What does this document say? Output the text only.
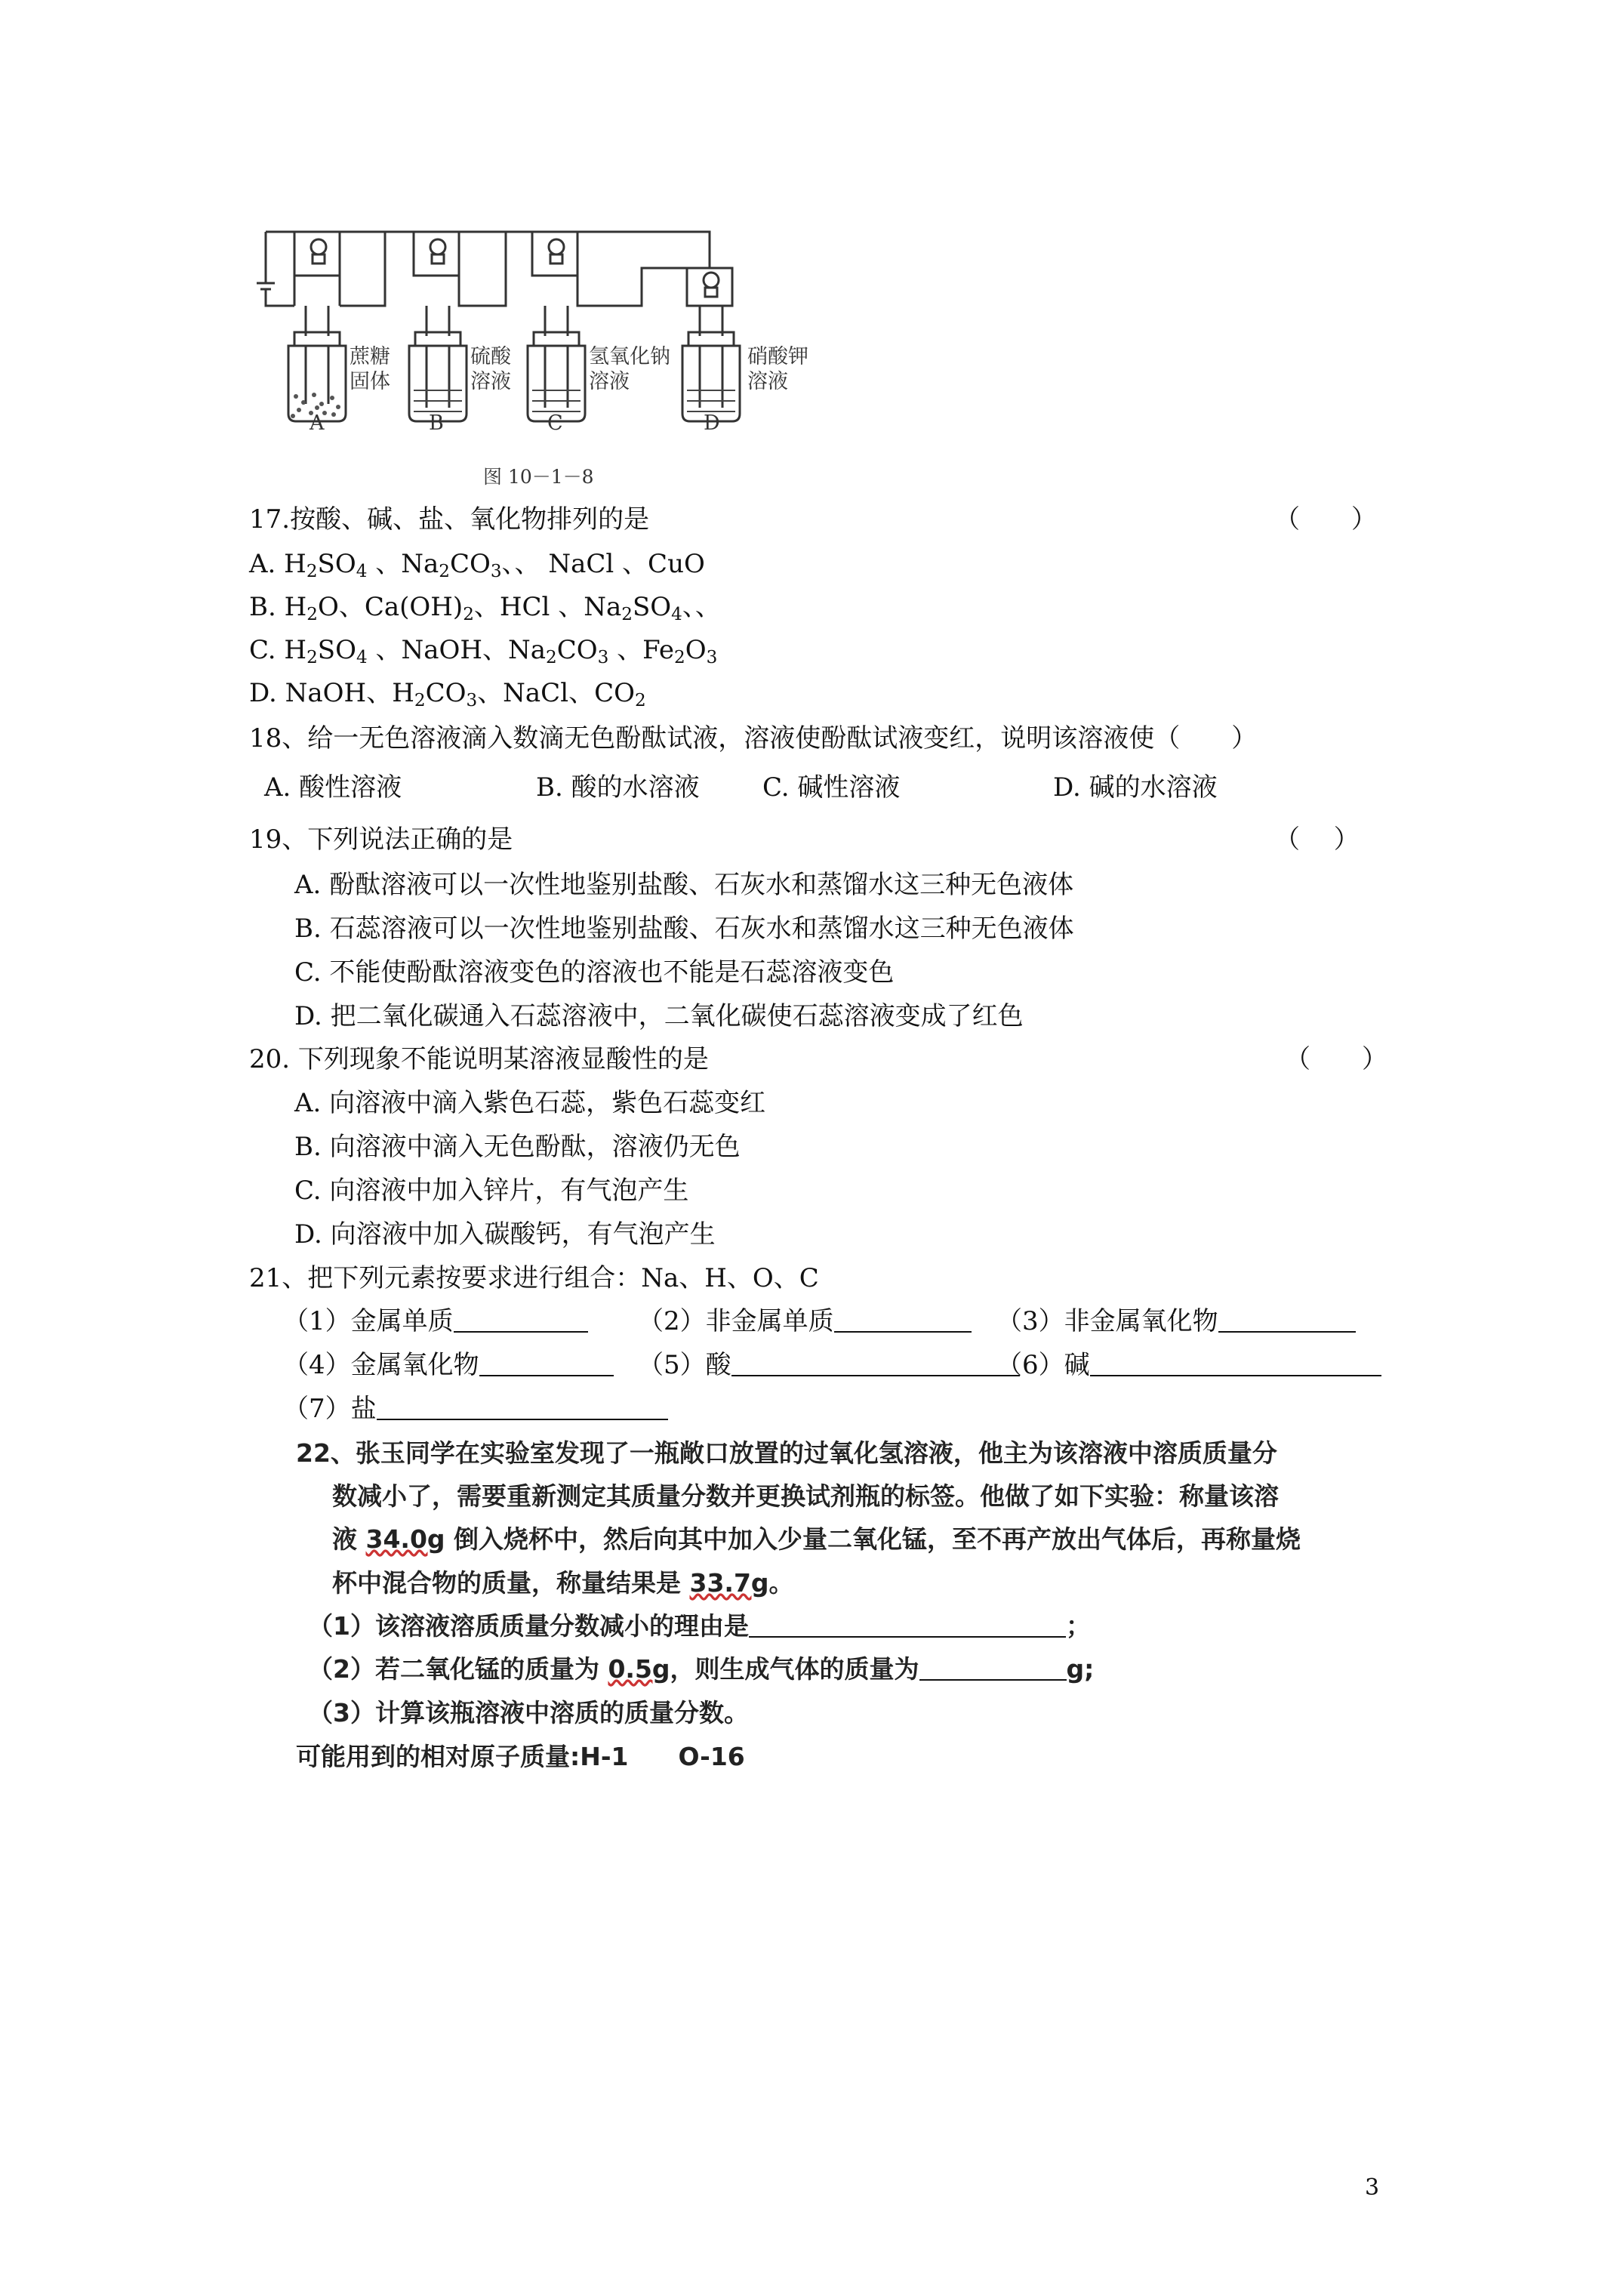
蔗糖
固体
硫酸
溶液
氢氧化钠
溶液
硝酸钾
溶液
A	B	C	D
图 10－1－8
17.按酸、碱、盐、氧化物排列的是	（　　）
A. $H_2SO_4$ 、$Na_2CO_3$、、 NaCl 、CuO
B. $H_2O$、$Ca(OH)_2$、HCl 、$Na_2SO_4$、、
C. $H_2SO_4$ 、NaOH、$Na_2CO_3$ 、$Fe_2O_3$
D. NaOH、$H_2CO_3$、NaCl、$CO_2$
18、给一无色溶液滴入数滴无色酚酞试液，溶液使酚酞试液变红，说明该溶液使（　　）
A. 酸性溶液	B. 酸的水溶液 C. 碱性溶液	D. 碱的水溶液
19、下列说法正确的是	（　 ）
A. 酚酞溶液可以一次性地鉴别盐酸、石灰水和蒸馏水这三种无色液体
B. 石蕊溶液可以一次性地鉴别盐酸、石灰水和蒸馏水这三种无色液体
C. 不能使酚酞溶液变色的溶液也不能是石蕊溶液变色
D. 把二氧化碳通入石蕊溶液中，二氧化碳使石蕊溶液变成了红色
20. 下列现象不能说明某溶液显酸性的是	（　　）
A. 向溶液中滴入紫色石蕊，紫色石蕊变红
B. 向溶液中滴入无色酚酞，溶液仍无色
C. 向溶液中加入锌片，有气泡产生
D. 向溶液中加入碳酸钙，有气泡产生
21、把下列元素按要求进行组合：Na、H、O、C
（1）金属单质	（2）非金属单质	（3）非金属氧化物
（4）金属氧化物	（5）酸	（6）碱
（7）盐
22、张玉同学在实验室发现了一瓶敞口放置的过氧化氢溶液，他主为该溶液中溶质质量分
数减小了，需要重新测定其质量分数并更换试剂瓶的标签。他做了如下实验：称量该溶
液 34.0g 倒入烧杯中，然后向其中加入少量二氧化锰，至不再产放出气体后，再称量烧
杯中混合物的质量，称量结果是 33.7g。
（1）该溶液溶质质量分数减小的理由是	；
（2）若二氧化锰的质量为 0.5g，则生成气体的质量为	g;
（3）计算该瓶溶液中溶质的质量分数。
可能用到的相对原子质量:H-1　　O-16
3
